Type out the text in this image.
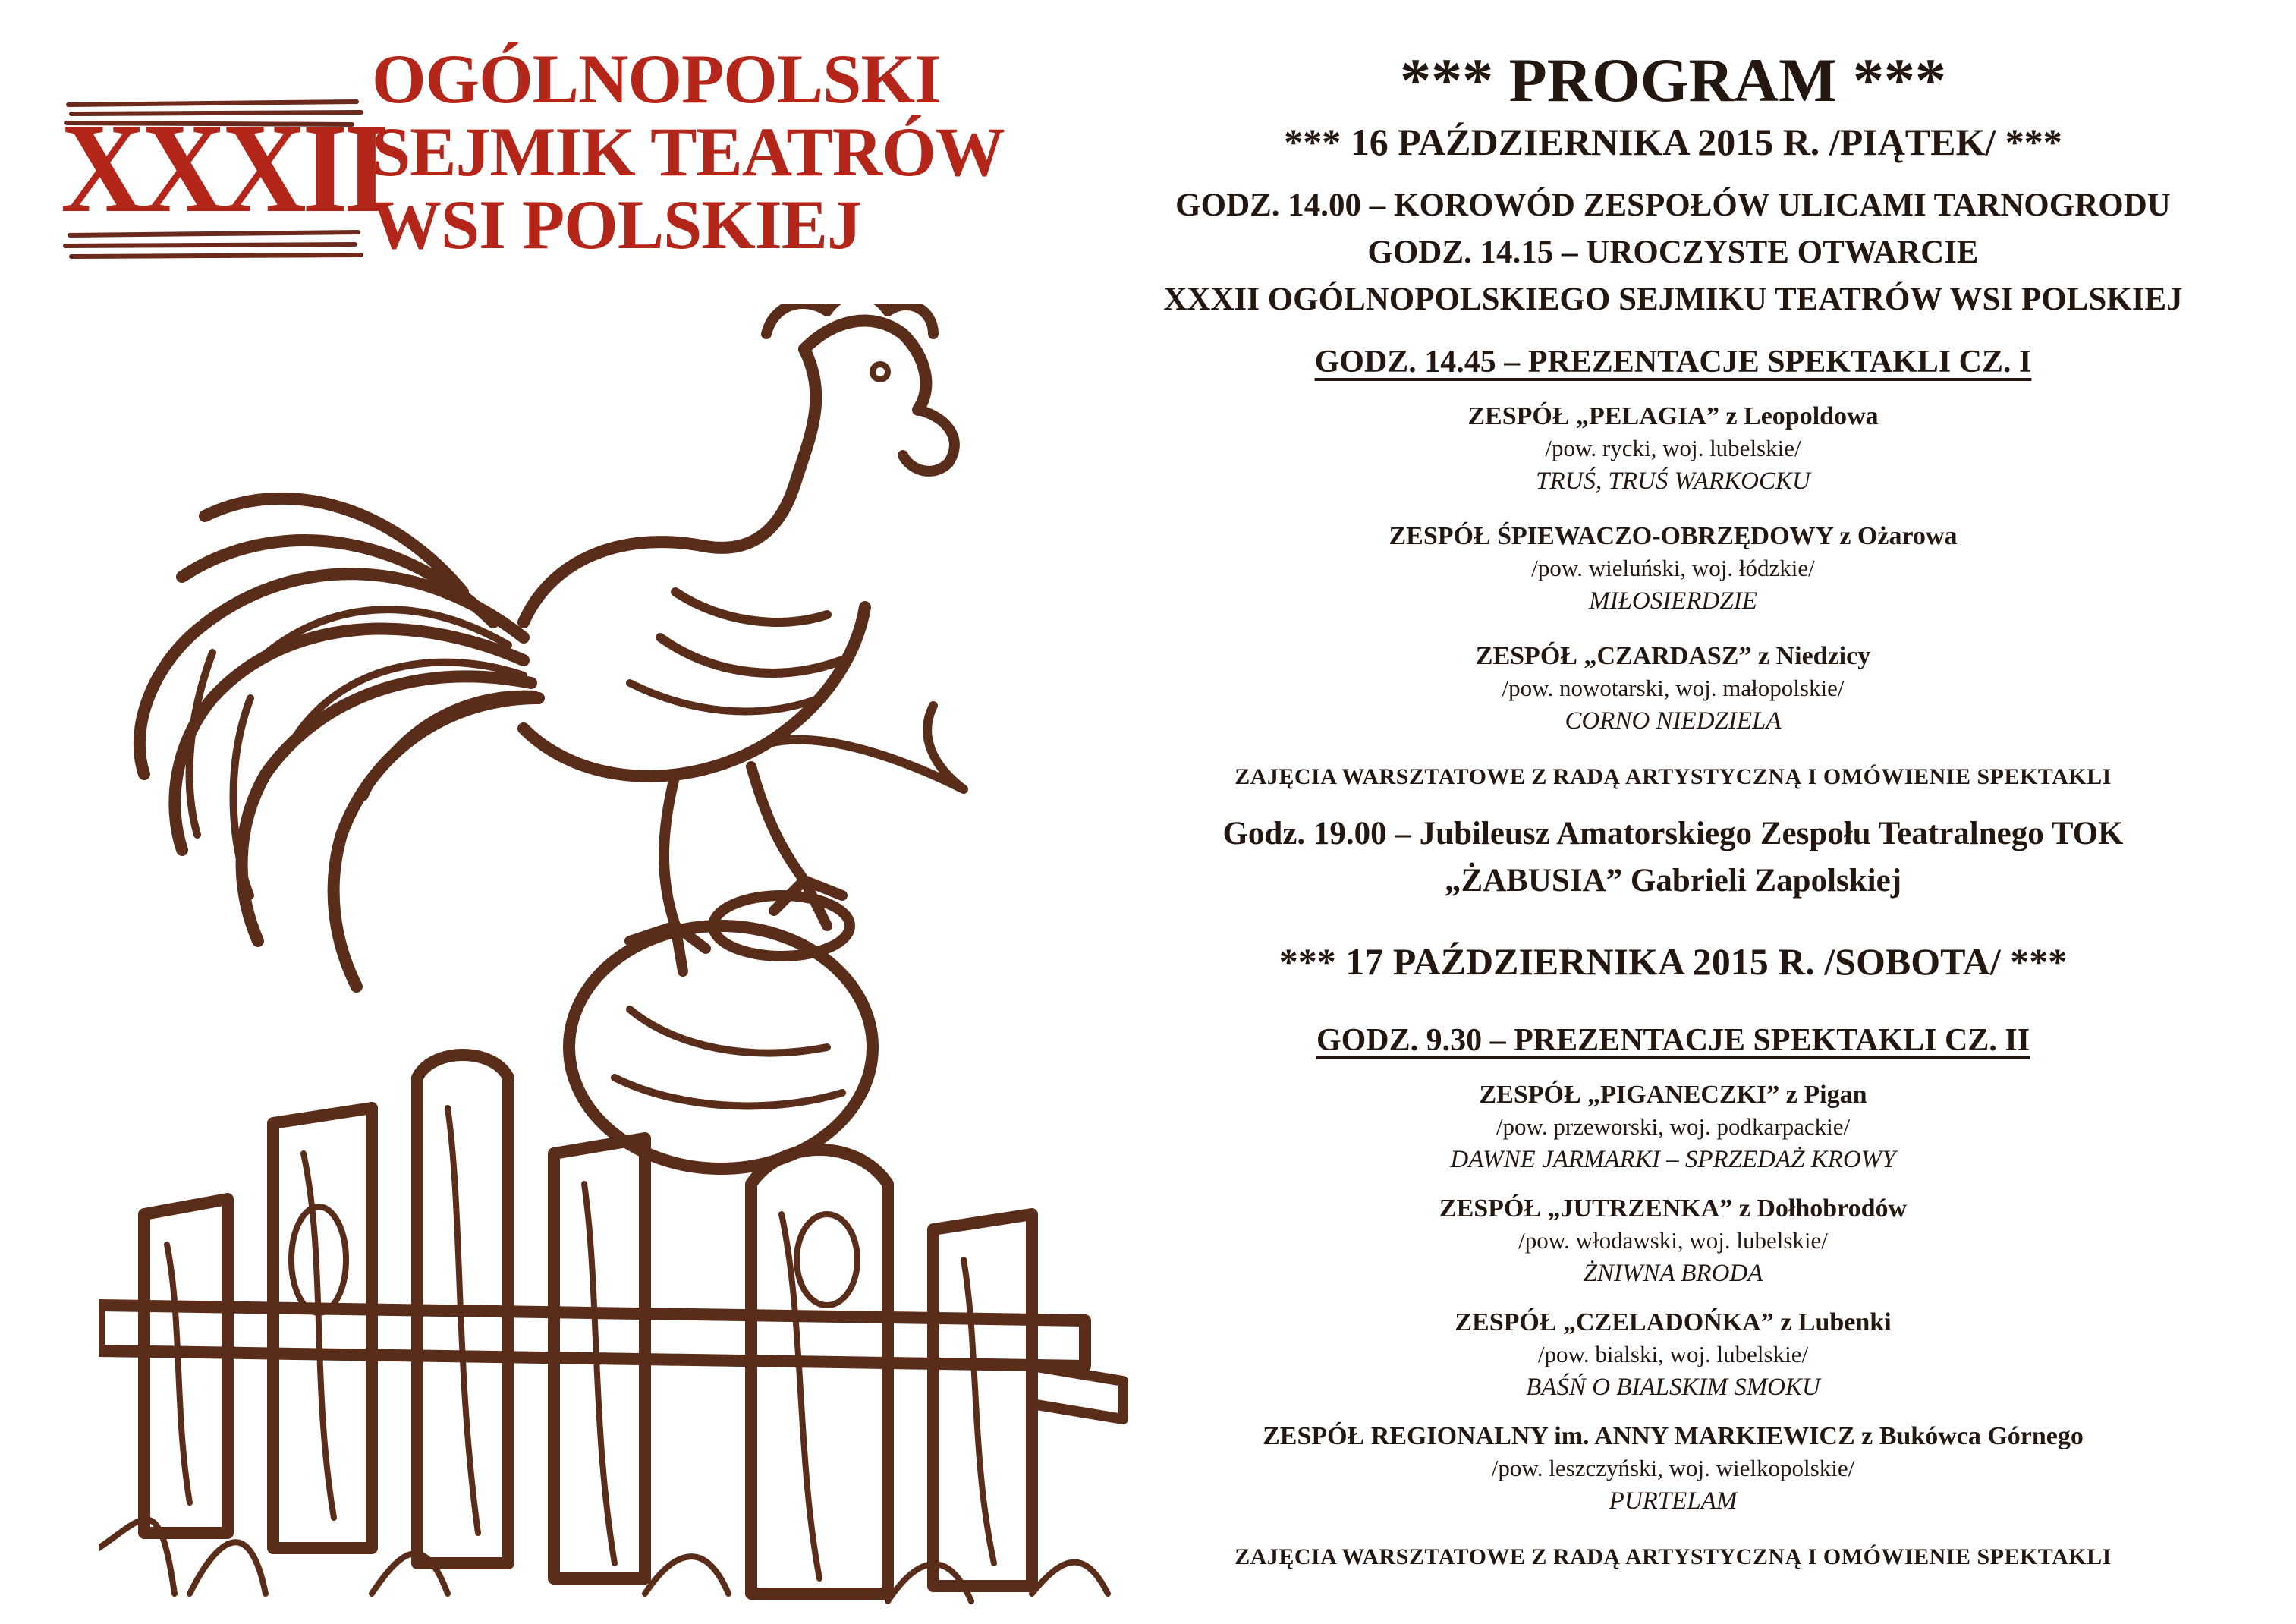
XXXII
OGÓLNOPOLSKI
SEJMIK TEATRÓW
WSI POLSKIEJ

*** PROGRAM ***

*** 16 PAŹDZIERNIKA 2015 R. /PIĄTEK/ ***

GODZ. 14.00 – KOROWÓD ZESPOŁÓW ULICAMI TARNOGRODU

GODZ. 14.15 – UROCZYSTE OTWARCIE

XXXII OGÓLNOPOLSKIEGO SEJMIKU TEATRÓW WSI POLSKIEJ

GODZ. 14.45 – PREZENTACJE SPEKTAKLI CZ. I

ZESPÓŁ „PELAGIA” z Leopoldowa

/pow. rycki, woj. lubelskie/

TRUŚ, TRUŚ WARKOCKU

ZESPÓŁ ŚPIEWACZO-OBRZĘDOWY z Ożarowa

/pow. wieluński, woj. łódzkie/

MIŁOSIERDZIE

ZESPÓŁ „CZARDASZ” z Niedzicy

/pow. nowotarski, woj. małopolskie/

CORNO NIEDZIELA

ZAJĘCIA WARSZTATOWE Z RADĄ ARTYSTYCZNĄ I OMÓWIENIE SPEKTAKLI

Godz. 19.00 – Jubileusz Amatorskiego Zespołu Teatralnego TOK

„ŻABUSIA” Gabrieli Zapolskiej

*** 17 PAŹDZIERNIKA 2015 R. /SOBOTA/ ***

GODZ. 9.30 – PREZENTACJE SPEKTAKLI CZ. II

ZESPÓŁ „PIGANECZKI” z Pigan

/pow. przeworski, woj. podkarpackie/

DAWNE JARMARKI – SPRZEDAŻ KROWY

ZESPÓŁ „JUTRZENKA” z Dołhobrodów

/pow. włodawski, woj. lubelskie/

ŻNIWNA BRODA

ZESPÓŁ „CZELADOŃKA” z Lubenki

/pow. bialski, woj. lubelskie/

BAŚŃ O BIALSKIM SMOKU

ZESPÓŁ REGIONALNY im. ANNY MARKIEWICZ z Bukówca Górnego

/pow. leszczyński, woj. wielkopolskie/

PURTELAM

ZAJĘCIA WARSZTATOWE Z RADĄ ARTYSTYCZNĄ I OMÓWIENIE SPEKTAKLI
